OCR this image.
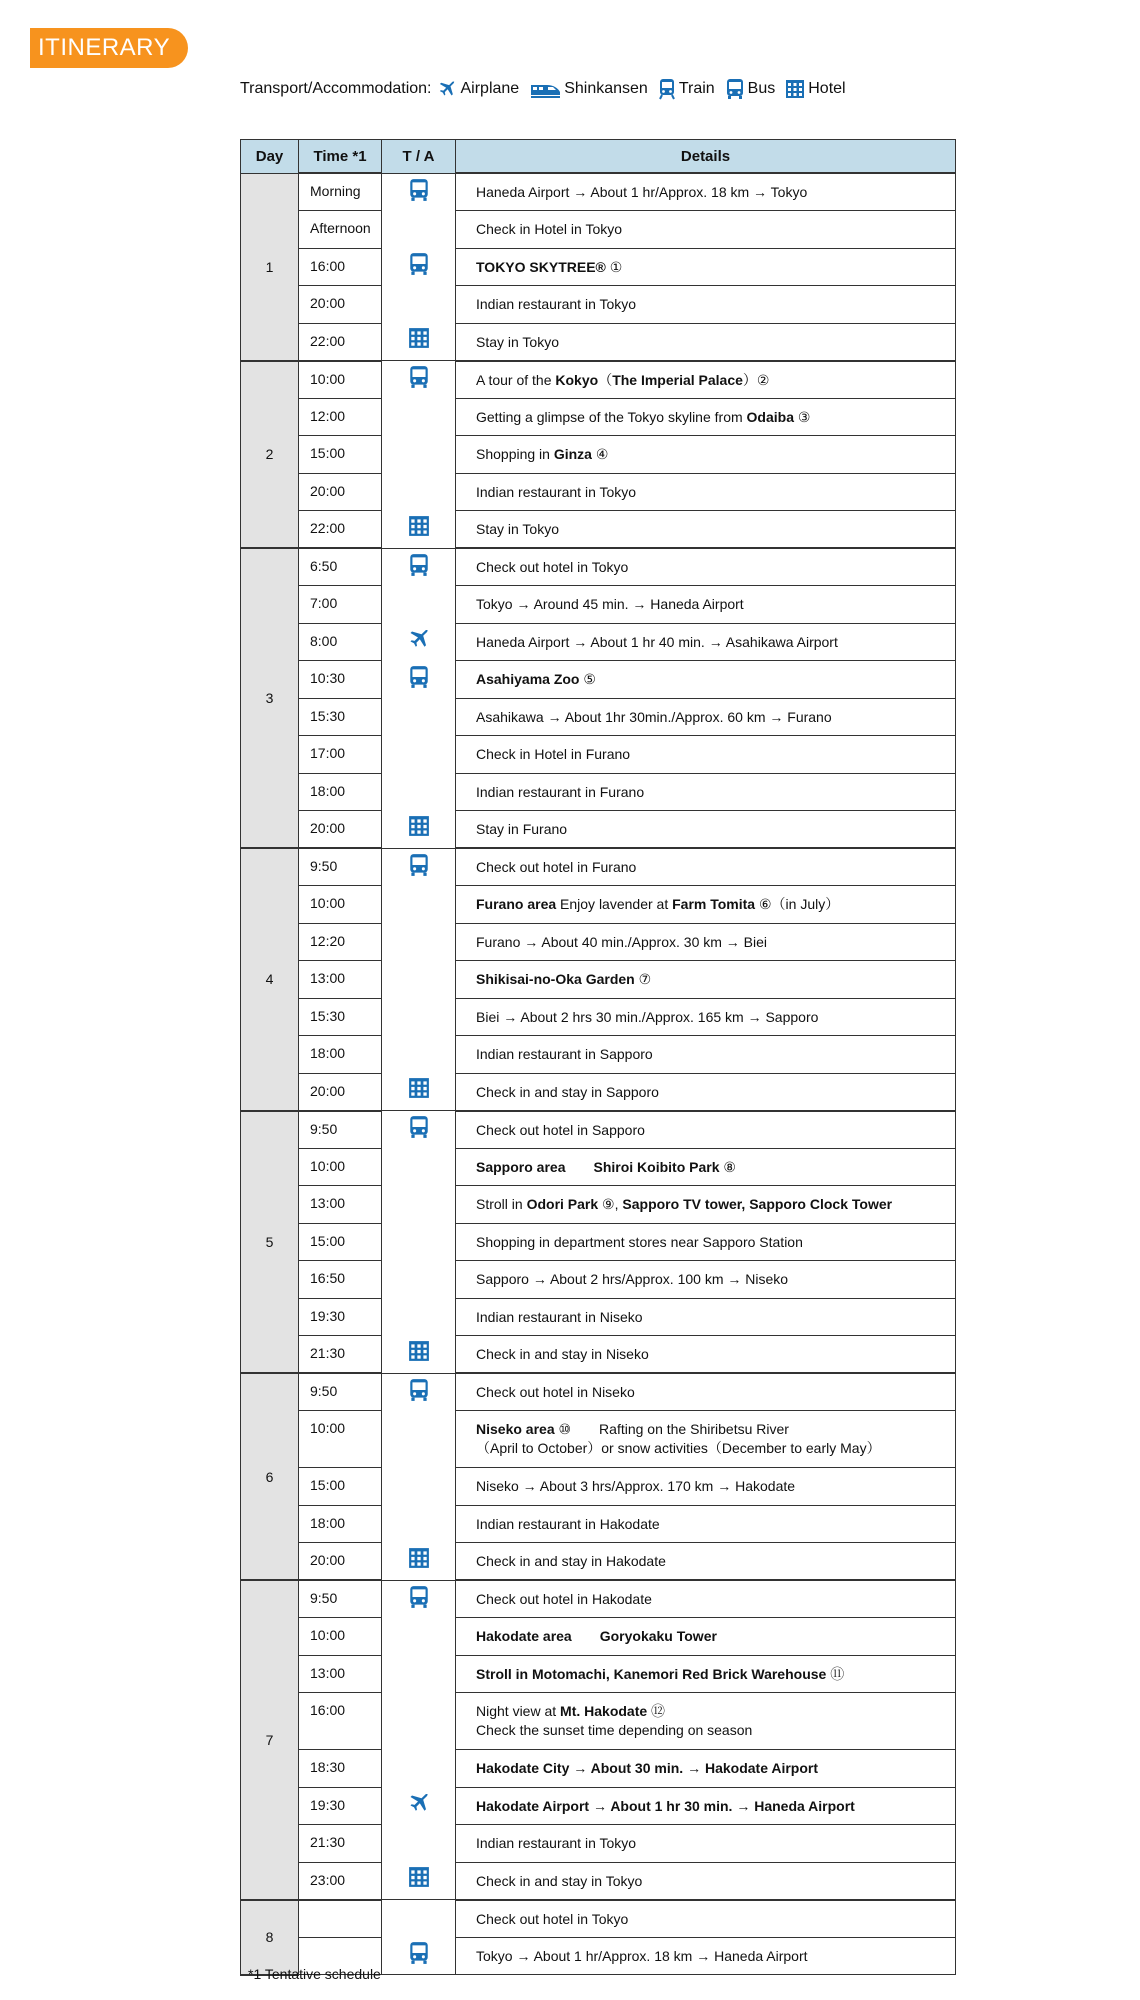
ITINERARY
Transport/Accommodation: Airplane	Shinkansen Train Bus Hotel
Day	Time *1	T / A	Details
1	Morning		Haneda Airport → About 1 hr/Approx. 18 km → Tokyo
	Afternoon		Check in Hotel in Tokyo
	16:00		TOKYO SKYTREE® ①
	20:00		Indian restaurant in Tokyo
	22:00		Stay in Tokyo
2	10:00		A tour of the Kokyo（The Imperial Palace）②
	12:00		Getting a glimpse of the Tokyo skyline from Odaiba ③
	15:00		Shopping in Ginza ④
	20:00		Indian restaurant in Tokyo
	22:00		Stay in Tokyo
3	6:50		Check out hotel in Tokyo
	7:00		Tokyo → Around 45 min. → Haneda Airport
	8:00		Haneda Airport → About 1 hr 40 min. → Asahikawa Airport
	10:30		Asahiyama Zoo ⑤
	15:30		Asahikawa → About 1hr 30min./Approx. 60 km → Furano
	17:00		Check in Hotel in Furano
	18:00		Indian restaurant in Furano
	20:00		Stay in Furano
4	9:50		Check out hotel in Furano
	10:00		Furano area Enjoy lavender at Farm Tomita ⑥（in July）
	12:20		Furano → About 40 min./Approx. 30 km → Biei
	13:00		Shikisai-no-Oka Garden ⑦
	15:30		Biei → About 2 hrs 30 min./Approx. 165 km → Sapporo
	18:00		Indian restaurant in Sapporo
	20:00		Check in and stay in Sapporo
5	9:50		Check out hotel in Sapporo
	10:00		Sapporo area　　 Shiroi Koibito Park ⑧
	13:00		Stroll in Odori Park ⑨, Sapporo TV tower, Sapporo Clock Tower
	15:00		Shopping in department stores near Sapporo Station
	16:50		Sapporo → About 2 hrs/Approx. 100 km → Niseko
	19:30		Indian restaurant in Niseko
	21:30		Check in and stay in Niseko
6	9:50		Check out hotel in Niseko
	10:00		Niseko area ⑩　　Rafting on the Shiribetsu River
（April to October）or snow activities（December to early May）
	15:00		Niseko → About 3 hrs/Approx. 170 km → Hakodate
	18:00		Indian restaurant in Hakodate
	20:00		Check in and stay in Hakodate
7	9:50		Check out hotel in Hakodate
	10:00		Hakodate area　　 Goryokaku Tower
	13:00		Stroll in Motomachi, Kanemori Red Brick Warehouse ⑪
	16:00		Night view at Mt. Hakodate ⑫
Check the sunset time depending on season
	18:30		Hakodate City → About 30 min. → Hakodate Airport
	19:30		Hakodate Airport → About 1 hr 30 min. → Haneda Airport
	21:30		Indian restaurant in Tokyo
	23:00		Check in and stay in Tokyo
8			Check out hotel in Tokyo
		Tokyo → About 1 hr/Approx. 18 km → Haneda Airport
*1 Tentative schedule
